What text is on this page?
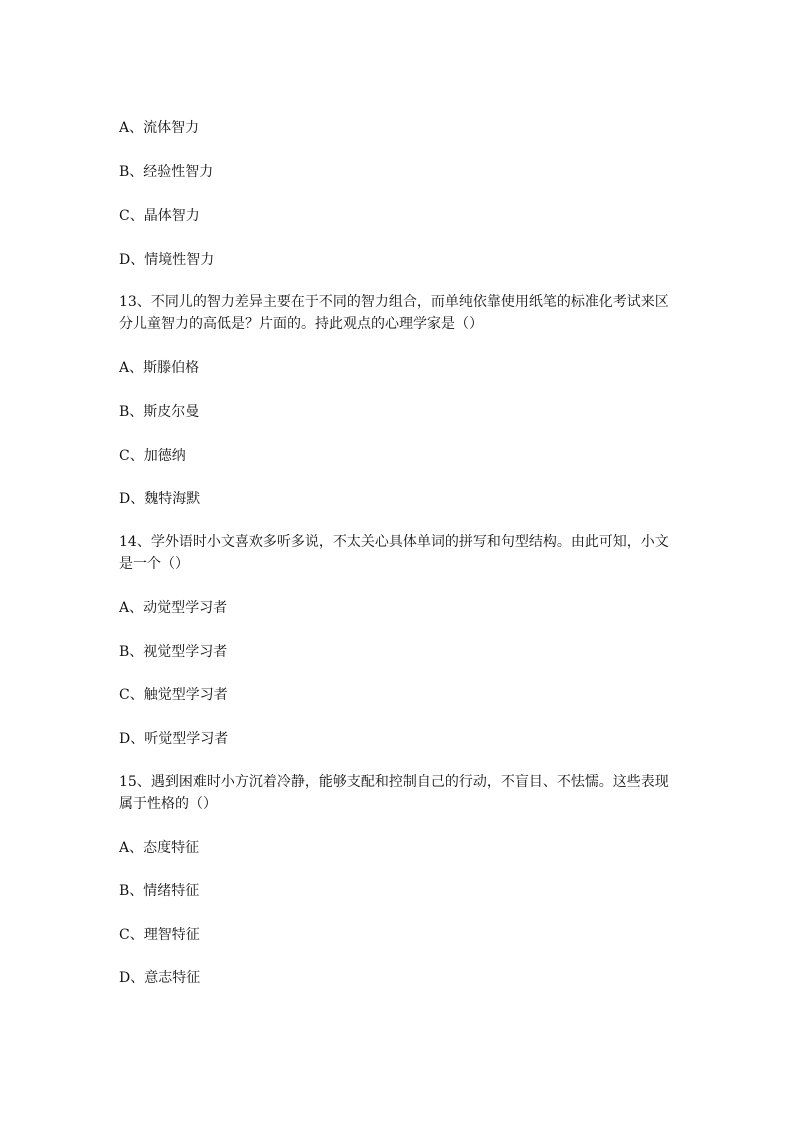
A、流体智力
B、经验性智力
C、晶体智力
D、情境性智力
13、不同儿的智力差异主要在于不同的智力组合，而单纯依靠使用纸笔的标准化考试来区
分儿童智力的高低是？片面的。持此观点的心理学家是（）
A、斯滕伯格
B、斯皮尔曼
C、加德纳
D、魏特海默
14、学外语时小文喜欢多听多说，不太关心具体单词的拼写和句型结构。由此可知，小文
是一个（）
A、动觉型学习者
B、视觉型学习者
C、触觉型学习者
D、听觉型学习者
15、遇到困难时小方沉着冷静，能够支配和控制自己的行动，不盲目、不怯懦。这些表现
属于性格的（）
A、态度特征
B、情绪特征
C、理智特征
D、意志特征
